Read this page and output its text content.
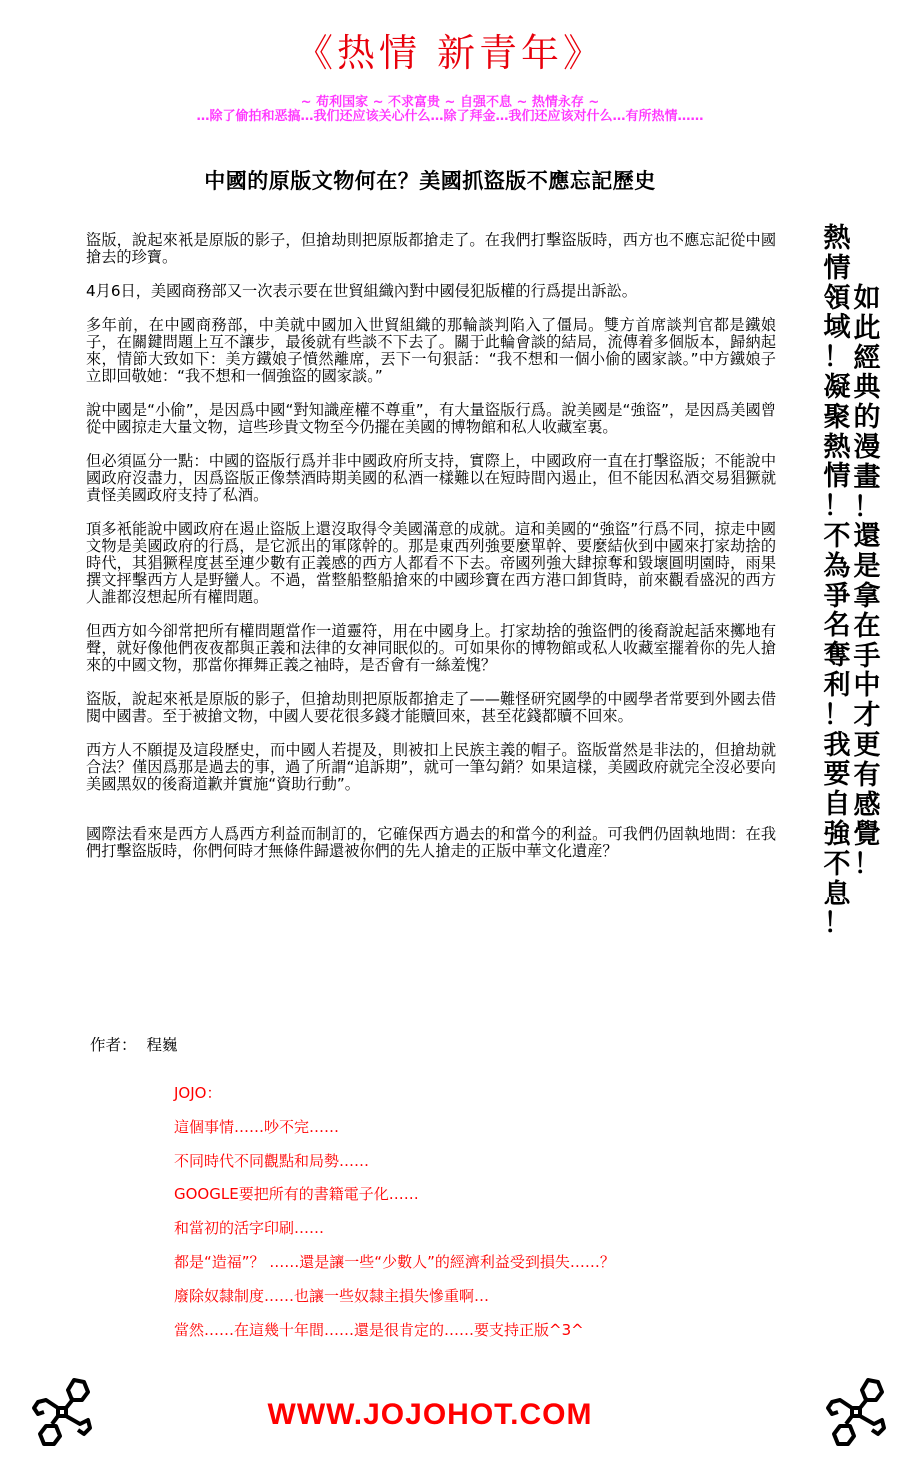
《热情 新青年》
~ 苟利国家 ~ 不求富贵 ~ 自强不息 ~ 热情永存 ~
…除了偷拍和恶搞…我们还应该关心什么…除了拜金…我们还应该对什么…有所热情……
中國的原版文物何在？美國抓盜版不應忘記歷史

盜版，說起來衹是原版的影子，但搶劫則把原版都搶走了。在我們打擊盜版時，西方也不應忘記從中國搶去的珍寶。

4月6日，美國商務部又一次表示要在世貿組織內對中國侵犯版權的行爲提出訴訟。

多年前，在中國商務部，中美就中國加入世貿組織的那輪談判陷入了僵局。雙方首席談判官都是鐵娘子，在關鍵問題上互不讓步，最後就有些談不下去了。關于此輪會談的結局，流傳着多個版本，歸納起來，情節大致如下：美方鐵娘子憤然離席，丟下一句狠話：“我不想和一個小偷的國家談。”中方鐵娘子立即回敬她：“我不想和一個強盜的國家談。”

說中國是“小偷”，是因爲中國“對知識産權不尊重”，有大量盜版行爲。說美國是“強盜”，是因爲美國曾從中國掠走大量文物，這些珍貴文物至今仍擺在美國的博物館和私人收藏室裏。

但必須區分一點：中國的盜版行爲并非中國政府所支持，實際上，中國政府一直在打擊盜版；不能說中國政府沒盡力，因爲盜版正像禁酒時期美國的私酒一樣難以在短時間內遏止，但不能因私酒交易猖獗就責怪美國政府支持了私酒。

頂多衹能說中國政府在遏止盜版上還沒取得令美國滿意的成就。這和美國的“強盜”行爲不同，掠走中國文物是美國政府的行爲，是它派出的軍隊幹的。那是東西列強要麼單幹、要麼結伙到中國來打家劫捨的時代，其猖獗程度甚至連少數有正義感的西方人都看不下去。帝國列強大肆掠奪和毀壞圓明園時，雨果撰文抨擊西方人是野蠻人。不過，當整船整船搶來的中國珍寶在西方港口卸貨時，前來觀看盛況的西方人誰都沒想起所有權問題。

但西方如今卻常把所有權問題當作一道靈符，用在中國身上。打家劫捨的強盜們的後裔說起話來擲地有聲，就好像他們夜夜都與正義和法律的女神同眠似的。可如果你的博物館或私人收藏室擺着你的先人搶來的中國文物，那當你揮舞正義之袖時，是否會有一絲羞愧？

盜版，說起來衹是原版的影子，但搶劫則把原版都搶走了——難怪研究國學的中國學者常要到外國去借閱中國書。至于被搶文物，中國人要花很多錢才能贖回來，甚至花錢都贖不回來。

西方人不願提及這段歷史，而中國人若提及，則被扣上民族主義的帽子。盜版當然是非法的，但搶劫就合法？僅因爲那是過去的事，過了所謂“追訴期”，就可一筆勾銷？如果這樣，美國政府就完全沒必要向美國黑奴的後裔道歉并實施“資助行動”。

國際法看來是西方人爲西方利益而制訂的，它確保西方過去的和當今的利益。可我們仍固執地問：在我們打擊盜版時，你們何時才無條件歸還被你們的先人搶走的正版中華文化遺産？

作者： 程巍
JOJO：
這個事情……吵不完……
不同時代不同觀點和局勢……
GOOGLE要把所有的書籍電子化……
和當初的活字印刷……
都是“造福”？ ……還是讓一些“少數人”的經濟利益受到損失……？
廢除奴隸制度……也讓一些奴隸主損失慘重啊…
當然……在這幾十年間……還是很肯定的……要支持正版^3^
熱
情
領
域
！
凝
聚
熱
情
！
不
為
爭
名
奪
利
！
我
要
自
強
不
息
！
如
此
經
典
的
漫
畫
！
還
是
拿
在
手
中
才
更
有
感
覺
！
WWW.JOJOHOT.COM
